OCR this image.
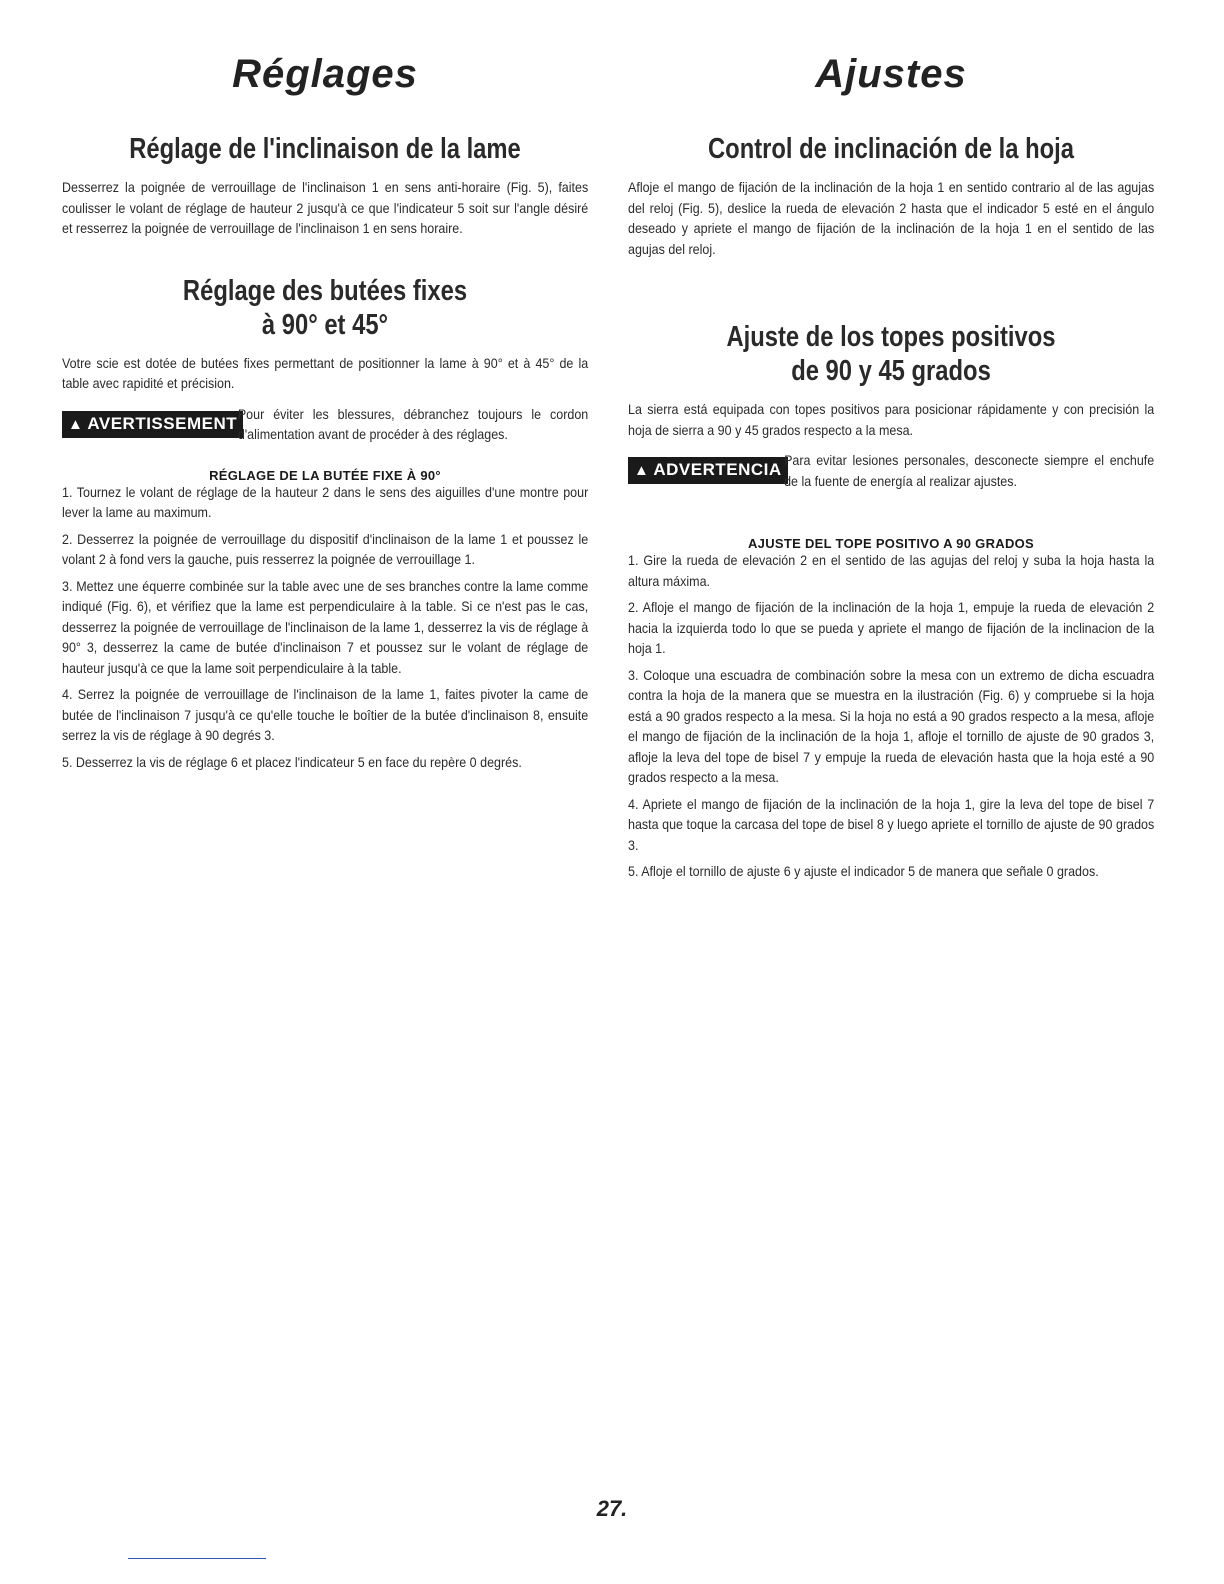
Réglages
Réglage de l'inclinaison de la lame

Desserrez la poignée de verrouillage de l'inclinaison 1 en sens anti-horaire (Fig. 5), faites coulisser le volant de réglage de hauteur 2 jusqu'à ce que l'indicateur 5 soit sur l'angle désiré et resserrez la poignée de verrouillage de l'inclinaison 1 en sens horaire.

Réglage des butées fixes
à 90° et 45°

Votre scie est dotée de butées fixes permettant de positionner la lame à 90° et à 45° de la table avec rapidité et précision.

▲ AVERTISSEMENT Pour éviter les blessures, débranchez toujours le cordon d'alimentation avant de procéder à des réglages.

RÉGLAGE DE LA BUTÉE FIXE À 90°

1. Tournez le volant de réglage de la hauteur 2 dans le sens des aiguilles d'une montre pour lever la lame au maximum.

2. Desserrez la poignée de verrouillage du dispositif d'inclinaison de la lame 1 et poussez le volant 2 à fond vers la gauche, puis resserrez la poignée de verrouillage 1.

3. Mettez une équerre combinée sur la table avec une de ses branches contre la lame comme indiqué (Fig. 6), et vérifiez que la lame est perpendiculaire à la table. Si ce n'est pas le cas, desserrez la poignée de verrouillage de l'inclinaison de la lame 1, desserrez la vis de réglage à 90° 3, desserrez la came de butée d'inclinaison 7 et poussez sur le volant de réglage de hauteur jusqu'à ce que la lame soit perpendiculaire à la table.

4. Serrez la poignée de verrouillage de l'inclinaison de la lame 1, faites pivoter la came de butée de l'inclinaison 7 jusqu'à ce qu'elle touche le boîtier de la butée d'inclinaison 8, ensuite serrez la vis de réglage à 90 degrés 3.

5. Desserrez la vis de réglage 6 et placez l'indicateur 5 en face du repère 0 degrés.

Ajustes
Control de inclinación de la hoja

Afloje el mango de fijación de la inclinación de la hoja 1 en sentido contrario al de las agujas del reloj (Fig. 5), deslice la rueda de elevación 2 hasta que el indicador 5 esté en el ángulo deseado y apriete el mango de fijación de la inclinación de la hoja 1 en el sentido de las agujas del reloj.

Ajuste de los topes positivos
de 90 y 45 grados

La sierra está equipada con topes positivos para posicionar rápidamente y con precisión la hoja de sierra a 90 y 45 grados respecto a la mesa.

▲ ADVERTENCIA Para evitar lesiones personales, desconecte siempre el enchufe de la fuente de energía al realizar ajustes.

AJUSTE DEL TOPE POSITIVO A 90 GRADOS

1. Gire la rueda de elevación 2 en el sentido de las agujas del reloj y suba la hoja hasta la altura máxima.

2. Afloje el mango de fijación de la inclinación de la hoja 1, empuje la rueda de elevación 2 hacia la izquierda todo lo que se pueda y apriete el mango de fijación de la inclinacion de la hoja 1.

3. Coloque una escuadra de combinación sobre la mesa con un extremo de dicha escuadra contra la hoja de la manera que se muestra en la ilustración (Fig. 6) y compruebe si la hoja está a 90 grados respecto a la mesa. Si la hoja no está a 90 grados respecto a la mesa, afloje el mango de fijación de la inclinación de la hoja 1, afloje el tornillo de ajuste de 90 grados 3, afloje la leva del tope de bisel 7 y empuje la rueda de elevación hasta que la hoja esté a 90 grados respecto a la mesa.

4. Apriete el mango de fijación de la inclinación de la hoja 1, gire la leva del tope de bisel 7 hasta que toque la carcasa del tope de bisel 8 y luego apriete el tornillo de ajuste de 90 grados 3.

5. Afloje el tornillo de ajuste 6 y ajuste el indicador 5 de manera que señale 0 grados.

27.
